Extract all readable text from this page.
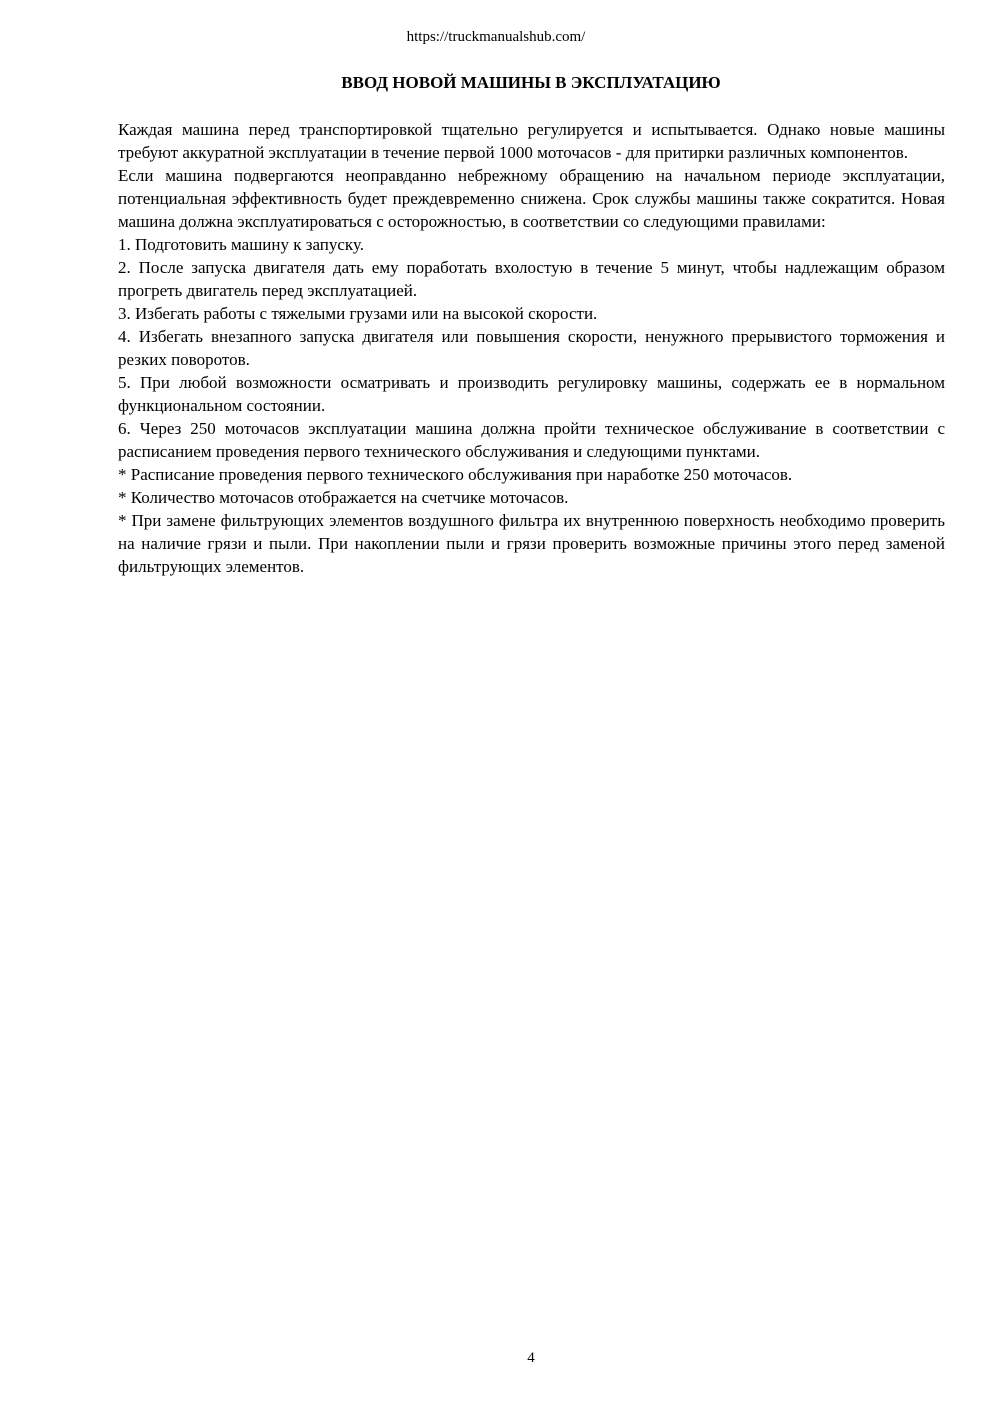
https://truckmanualshub.com/
ВВОД НОВОЙ МАШИНЫ В ЭКСПЛУАТАЦИЮ

Каждая машина перед транспортировкой тщательно регулируется и испытывается. Однако новые машины требуют аккуратной эксплуатации в течение первой 1000 моточасов - для притирки различных компонентов.

Если машина подвергаются неоправданно небрежному обращению на начальном периоде эксплуатации, потенциальная эффективность будет преждевременно снижена. Срок службы машины также сократится. Новая машина должна эксплуатироваться с осторожностью, в соответствии со следующими правилами:

1. Подготовить машину к запуску.

2. После запуска двигателя дать ему поработать вхолостую в течение 5 минут, чтобы надлежащим образом прогреть двигатель перед эксплуатацией.

3. Избегать работы с тяжелыми грузами или на высокой скорости.

4. Избегать внезапного запуска двигателя или повышения скорости, ненужного прерывистого торможения и резких поворотов.

5. При любой возможности осматривать и производить регулировку машины, содержать ее в нормальном функциональном состоянии.

6. Через 250 моточасов эксплуатации машина должна пройти техническое обслуживание в соответствии с расписанием проведения первого технического обслуживания и следующими пунктами.

* Расписание проведения первого технического обслуживания при наработке 250 моточасов.

* Количество моточасов отображается на счетчике моточасов.

* При замене фильтрующих элементов воздушного фильтра их внутреннюю поверхность необходимо проверить на наличие грязи и пыли. При накоплении пыли и грязи проверить возможные причины этого перед заменой фильтрующих элементов.

4
